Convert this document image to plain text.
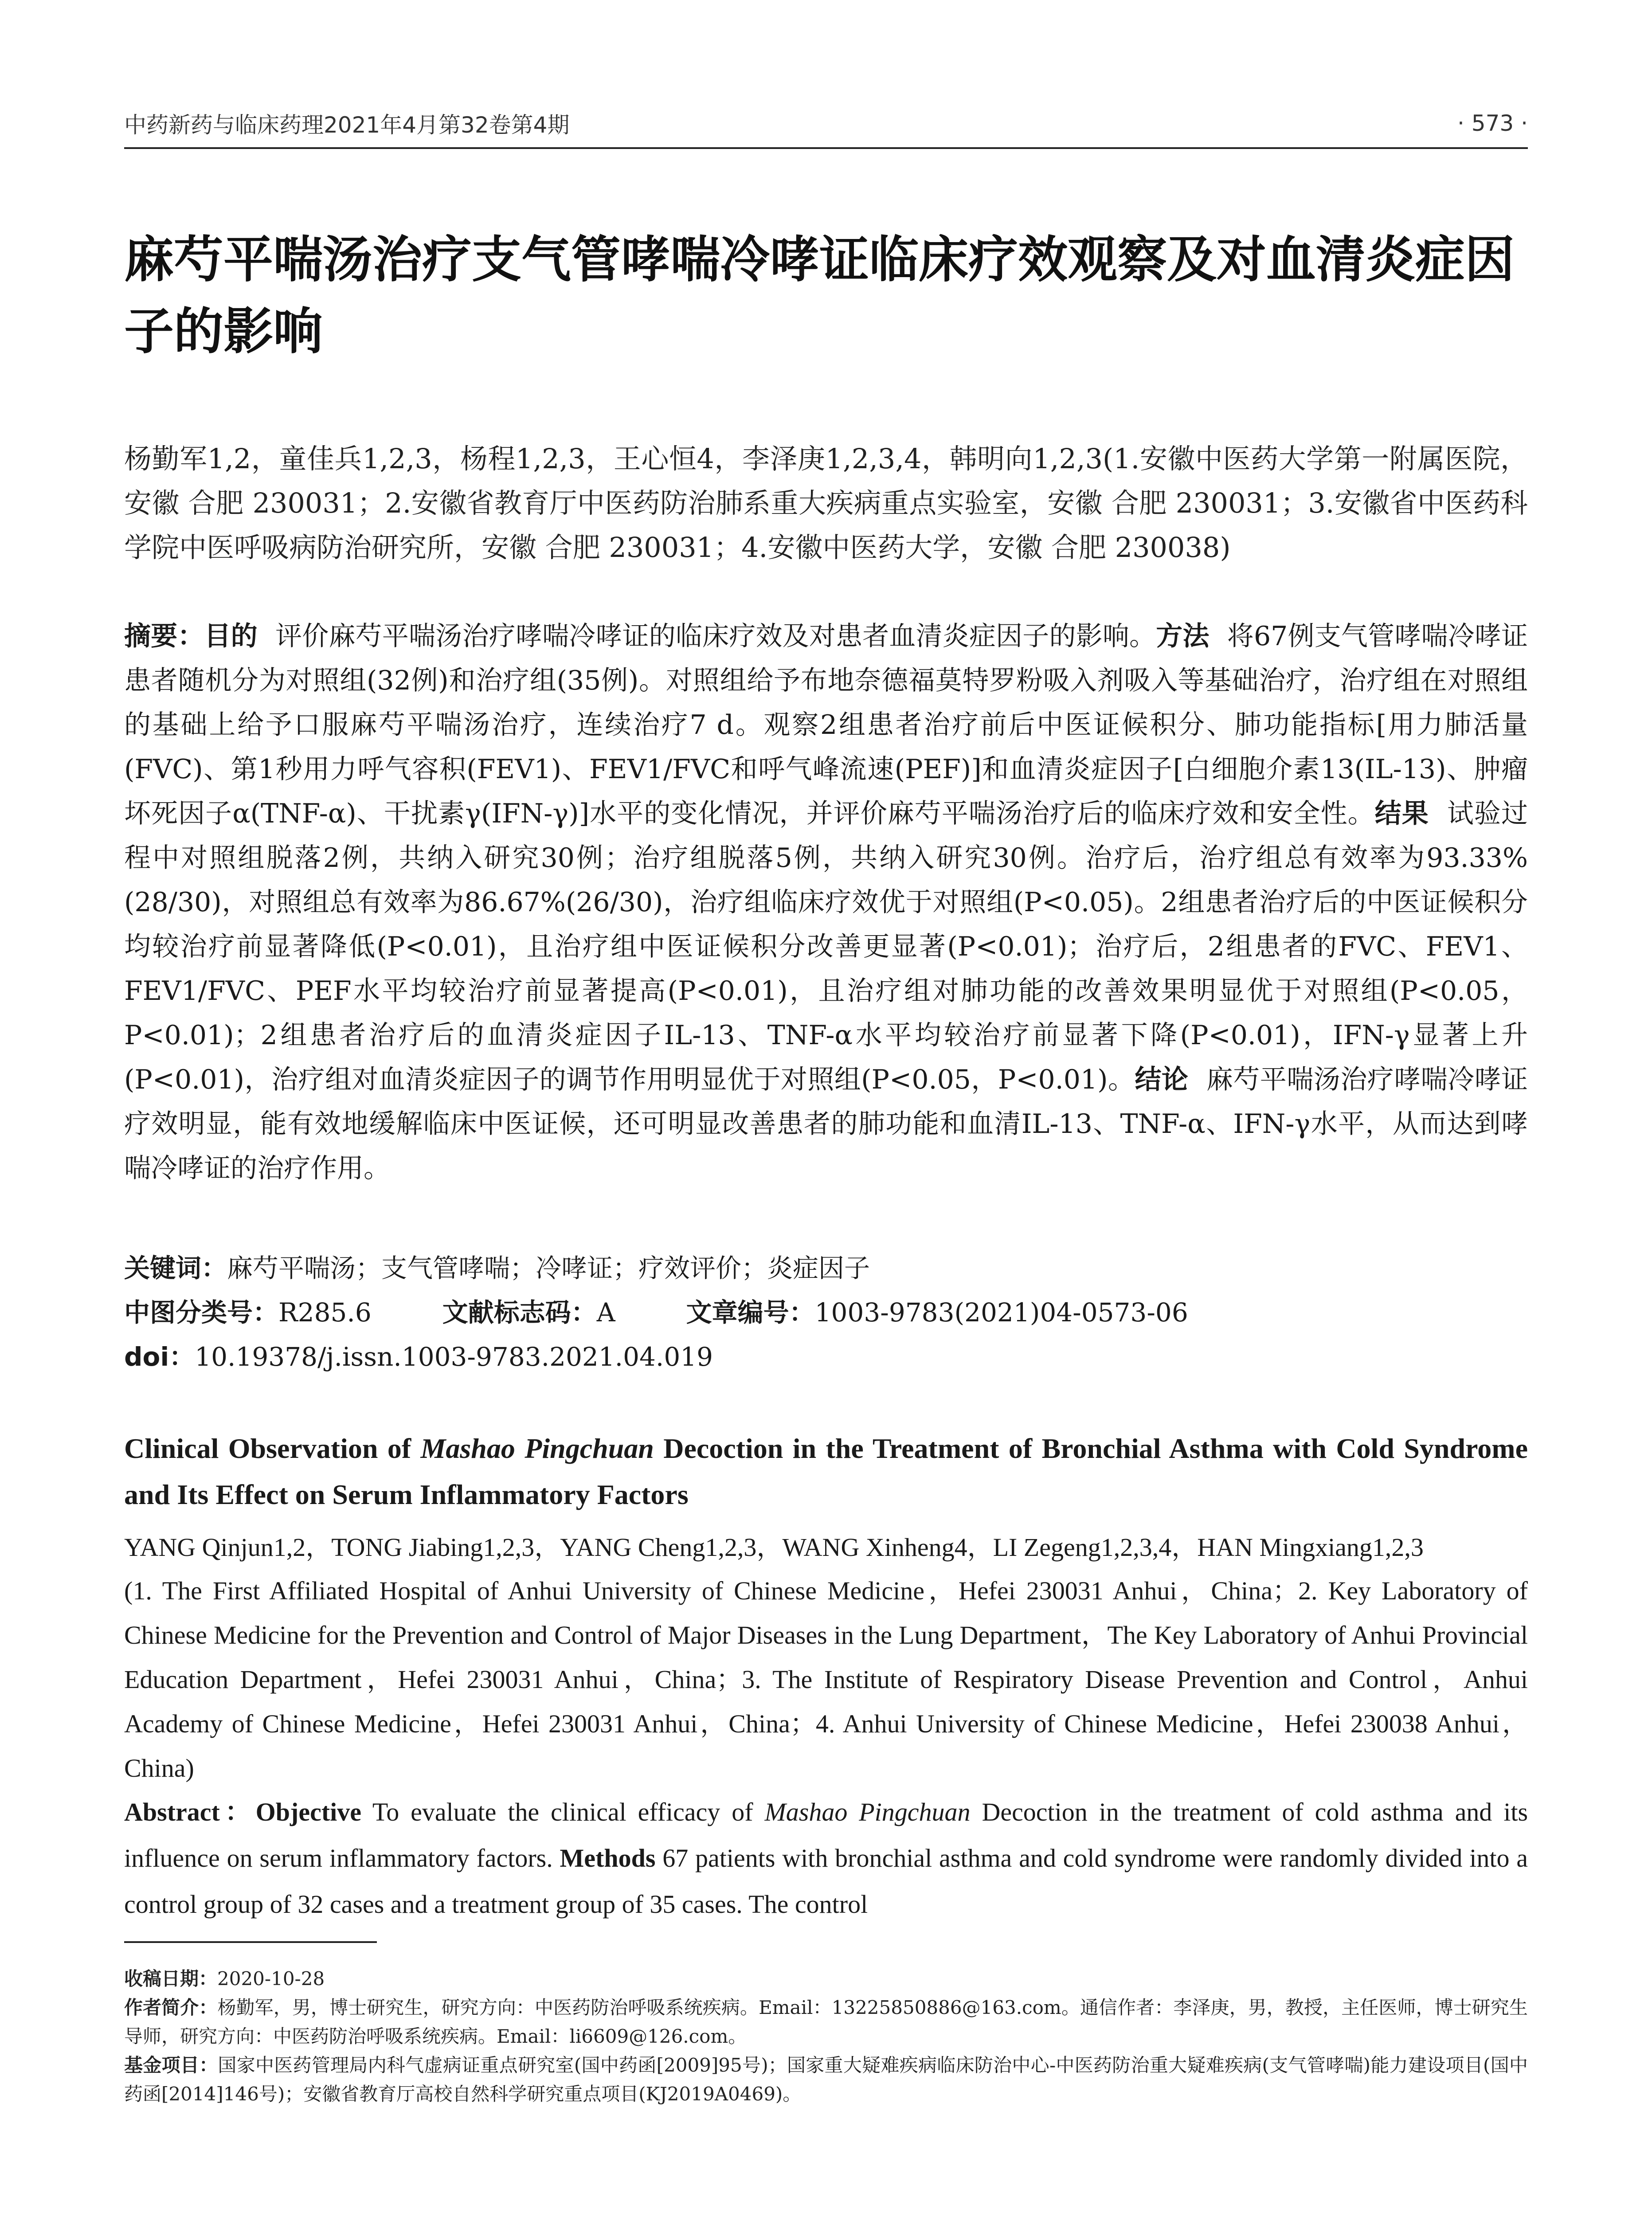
中药新药与临床药理2021年4月第32卷第4期	· 573 ·
麻芍平喘汤治疗支气管哮喘冷哮证临床疗效观察及对血清炎症因子的影响

杨勤军1,2，童佳兵1,2,3，杨程1,2,3，王心恒4，李泽庚1,2,3,4，韩明向1,2,3(1.安徽中医药大学第一附属医院，安徽 合肥 230031；2.安徽省教育厅中医药防治肺系重大疾病重点实验室，安徽 合肥 230031；3.安徽省中医药科学院中医呼吸病防治研究所，安徽 合肥 230031；4.安徽中医药大学，安徽 合肥 230038)

摘要：目的 评价麻芍平喘汤治疗哮喘冷哮证的临床疗效及对患者血清炎症因子的影响。方法 将67例支气管哮喘冷哮证患者随机分为对照组(32例)和治疗组(35例)。对照组给予布地奈德福莫特罗粉吸入剂吸入等基础治疗，治疗组在对照组的基础上给予口服麻芍平喘汤治疗，连续治疗7 d。观察2组患者治疗前后中医证候积分、肺功能指标[用力肺活量(FVC)、第1秒用力呼气容积(FEV1)、FEV1/FVC和呼气峰流速(PEF)]和血清炎症因子[白细胞介素13(IL-13)、肿瘤坏死因子α(TNF-α)、干扰素γ(IFN-γ)]水平的变化情况，并评价麻芍平喘汤治疗后的临床疗效和安全性。结果 试验过程中对照组脱落2例，共纳入研究30例；治疗组脱落5例，共纳入研究30例。治疗后，治疗组总有效率为93.33%(28/30)，对照组总有效率为86.67%(26/30)，治疗组临床疗效优于对照组(P<0.05)。2组患者治疗后的中医证候积分均较治疗前显著降低(P<0.01)，且治疗组中医证候积分改善更显著(P<0.01)；治疗后，2组患者的FVC、FEV1、FEV1/FVC、PEF水平均较治疗前显著提高(P<0.01)，且治疗组对肺功能的改善效果明显优于对照组(P<0.05，P<0.01)；2组患者治疗后的血清炎症因子IL-13、TNF-α水平均较治疗前显著下降(P<0.01)，IFN-γ显著上升(P<0.01)，治疗组对血清炎症因子的调节作用明显优于对照组(P<0.05，P<0.01)。结论 麻芍平喘汤治疗哮喘冷哮证疗效明显，能有效地缓解临床中医证候，还可明显改善患者的肺功能和血清IL-13、TNF-α、IFN-γ水平，从而达到哮喘冷哮证的治疗作用。

关键词：麻芍平喘汤；支气管哮喘；冷哮证；疗效评价；炎症因子

中图分类号：R285.6	文献标志码：A	文章编号：1003-9783(2021)04-0573-06

doi：10.19378/j.issn.1003-9783.2021.04.019

Clinical Observation of Mashao Pingchuan Decoction in the Treatment of Bronchial Asthma with Cold Syndrome and Its Effect on Serum Inflammatory Factors

YANG Qinjun1,2，TONG Jiabing1,2,3，YANG Cheng1,2,3，WANG Xinheng4，LI Zegeng1,2,3,4，HAN Mingxiang1,2,3

(1. The First Affiliated Hospital of Anhui University of Chinese Medicine，Hefei 230031 Anhui，China；2. Key Laboratory of Chinese Medicine for the Prevention and Control of Major Diseases in the Lung Department，The Key Laboratory of Anhui Provincial Education Department，Hefei 230031 Anhui，China；3. The Institute of Respiratory Disease Prevention and Control，Anhui Academy of Chinese Medicine，Hefei 230031 Anhui，China；4. Anhui University of Chinese Medicine，Hefei 230038 Anhui，China)

Abstract：Objective To evaluate the clinical efficacy of Mashao Pingchuan Decoction in the treatment of cold asthma and its influence on serum inflammatory factors. Methods 67 patients with bronchial asthma and cold syndrome were randomly divided into a control group of 32 cases and a treatment group of 35 cases. The control

收稿日期：2020-10-28

作者简介：杨勤军，男，博士研究生，研究方向：中医药防治呼吸系统疾病。Email：13225850886@163.com。通信作者：李泽庚，男，教授，主任医师，博士研究生导师，研究方向：中医药防治呼吸系统疾病。Email：li6609@126.com。

基金项目：国家中医药管理局内科气虚病证重点研究室(国中药函[2009]95号)；国家重大疑难疾病临床防治中心-中医药防治重大疑难疾病(支气管哮喘)能力建设项目(国中药函[2014]146号)；安徽省教育厅高校自然科学研究重点项目(KJ2019A0469)。
